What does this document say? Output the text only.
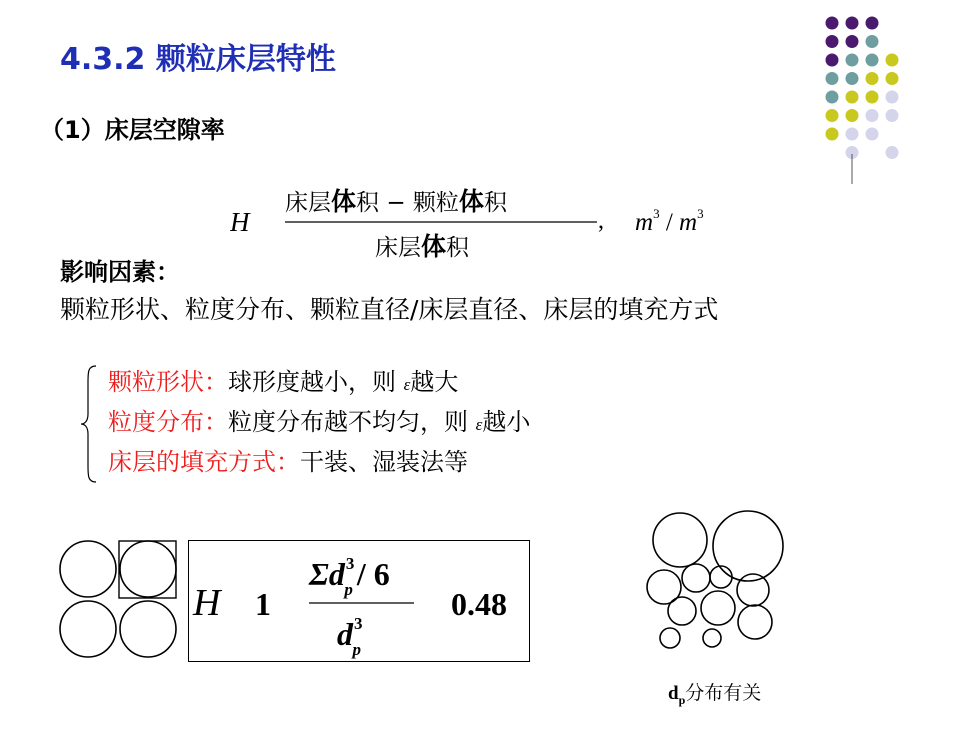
4.3.2 颗粒床层特性
（1）床层空隙率
H
床层体积 − 颗粒体积
床层体积
, $m^3 / m^3$
影响因素：
颗粒形状、粒度分布、颗粒直径/床层直径、床层的填充方式
颗粒形状：球形度越小，则 ε越大
粒度分布：粒度分布越不均匀，则 ε越小
床层的填充方式：干装、湿装法等
H 1
$\Sigma d^3$ p / 6
$d^3$ p
0.48
$d_p$分布有关
